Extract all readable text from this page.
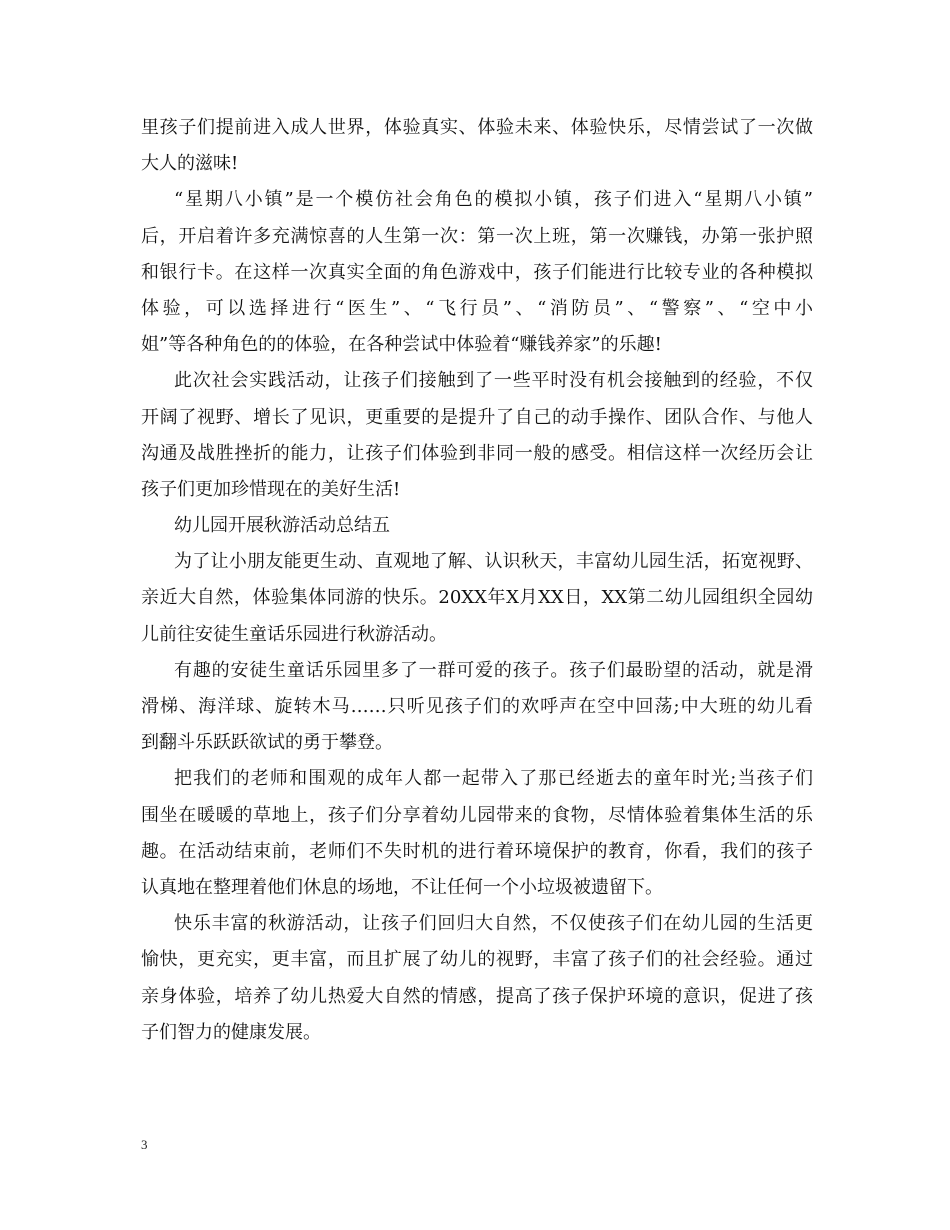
里孩子们提前进入成人世界，体验真实、体验未来、体验快乐，尽情尝试了一次做
大人的滋味!
“星期八小镇”是一个模仿社会角色的模拟小镇，孩子们进入“星期八小镇”
后，开启着许多充满惊喜的人生第一次：第一次上班，第一次赚钱，办第一张护照
和银行卡。在这样一次真实全面的角色游戏中，孩子们能进行比较专业的各种模拟
体验，可以选择进行“医生”、“飞行员”、“消防员”、“警察”、“空中小
姐”等各种角色的的体验，在各种尝试中体验着“赚钱养家”的乐趣!
此次社会实践活动，让孩子们接触到了一些平时没有机会接触到的经验，不仅
开阔了视野、增长了见识，更重要的是提升了自己的动手操作、团队合作、与他人
沟通及战胜挫折的能力，让孩子们体验到非同一般的感受。相信这样一次经历会让
孩子们更加珍惜现在的美好生活!
幼儿园开展秋游活动总结五
为了让小朋友能更生动、直观地了解、认识秋天，丰富幼儿园生活，拓宽视野、
亲近大自然，体验集体同游的快乐。20XX年X月XX日，XX第二幼儿园组织全园幼
儿前往安徒生童话乐园进行秋游活动。
有趣的安徒生童话乐园里多了一群可爱的孩子。孩子们最盼望的活动，就是滑
滑梯、海洋球、旋转木马……只听见孩子们的欢呼声在空中回荡;中大班的幼儿看
到翻斗乐跃跃欲试的勇于攀登。
把我们的老师和围观的成年人都一起带入了那已经逝去的童年时光;当孩子们
围坐在暖暖的草地上，孩子们分享着幼儿园带来的食物，尽情体验着集体生活的乐
趣。在活动结束前，老师们不失时机的进行着环境保护的教育，你看，我们的孩子
认真地在整理着他们休息的场地，不让任何一个小垃圾被遗留下。
快乐丰富的秋游活动，让孩子们回归大自然，不仅使孩子们在幼儿园的生活更
愉快，更充实，更丰富，而且扩展了幼儿的视野，丰富了孩子们的社会经验。通过
亲身体验，培养了幼儿热爱大自然的情感，提高了孩子保护环境的意识，促进了孩
子们智力的健康发展。
3
